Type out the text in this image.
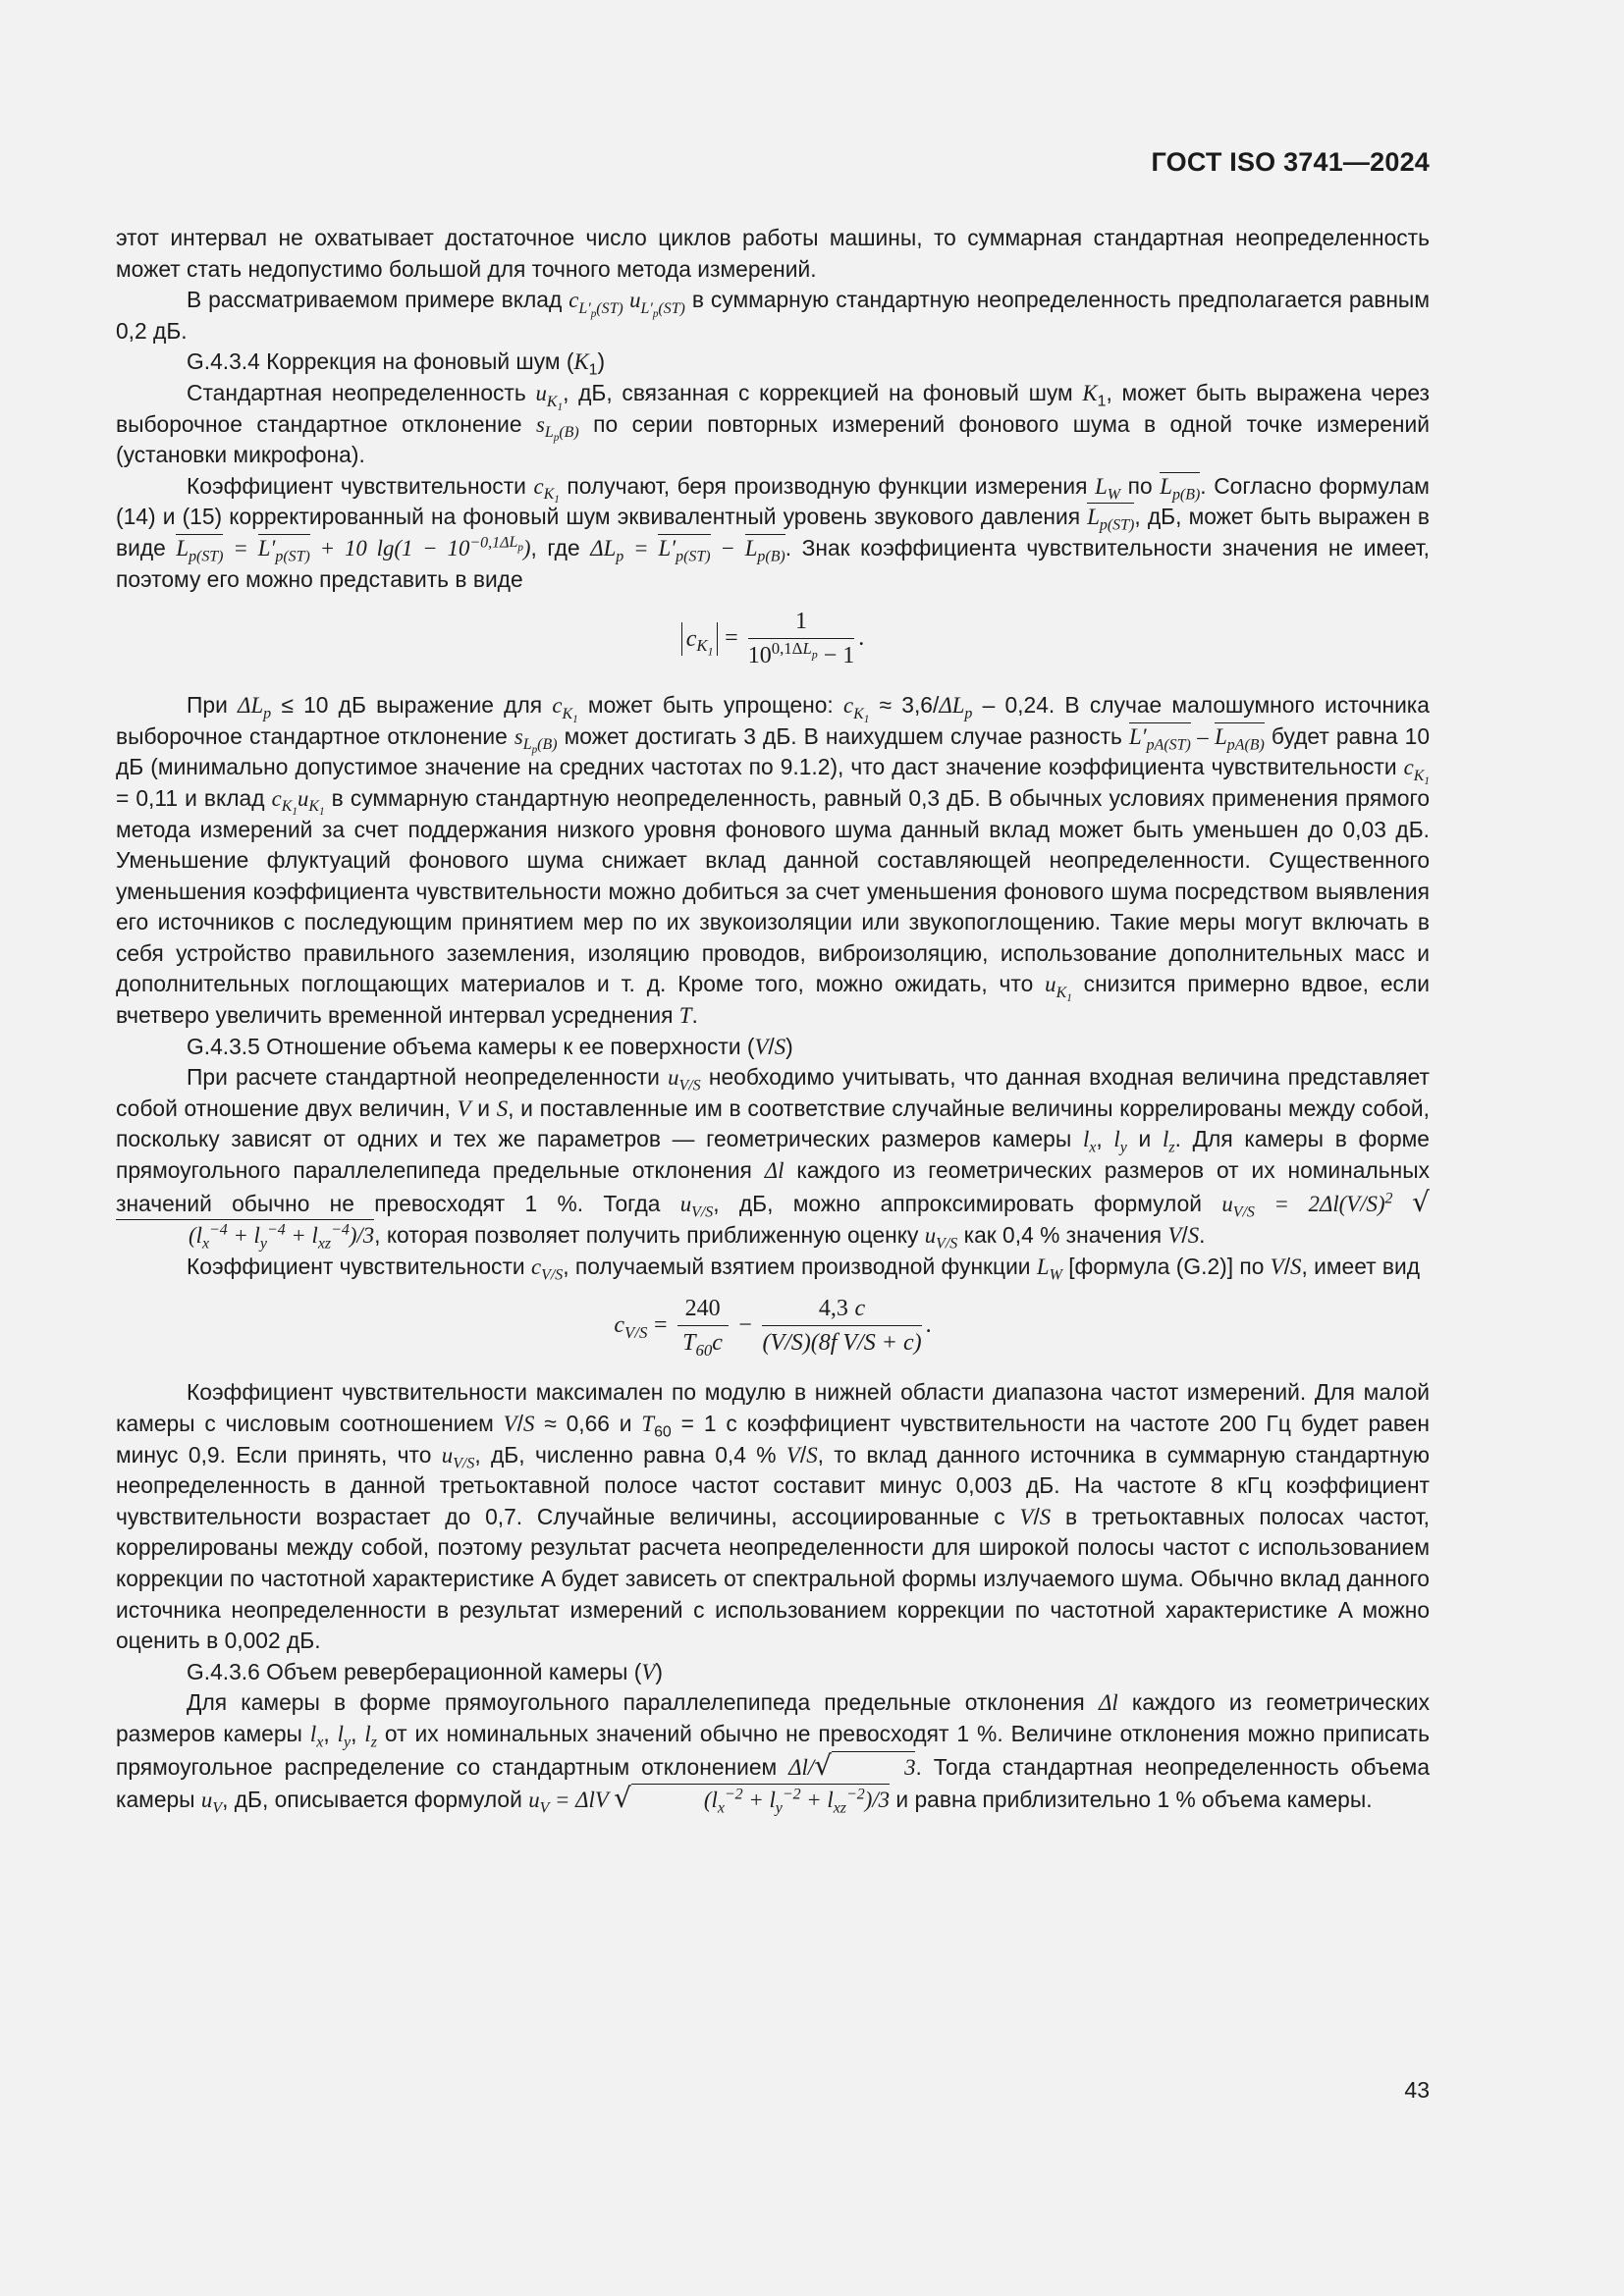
ГОСТ ISO 3741—2024

этот интервал не охватывает достаточное число циклов работы машины, то суммарная стандартная неопределенность может стать недопустимо большой для точного метода измерений.

В рассматриваемом примере вклад $c_{L'_p(ST)}$ $u_{L'_p(ST)}$ в суммарную стандартную неопределенность предполагается равным 0,2 дБ.

G.4.3.4 Коррекция на фоновый шум $(K_1)$

Стандартная неопределенность $u_{K_1}$, дБ, связанная с коррекцией на фоновый шум $K_1$, может быть выражена через выборочное стандартное отклонение $s_{L_p(B)}$ по серии повторных измерений фонового шума в одной точке измерений (установки микрофона).

Коэффициент чувствительности $c_{K_1}$ получают, беря производную функции измерения $L_W$ по $L_{p(B)}$. Согласно формулам (14) и (15) корректированный на фоновый шум эквивалентный уровень звукового давления $L_{p(ST)}$, дБ, может быть выражен в виде $L_{p(ST)} = L'_{p(ST)} + 10$ $\lg(1 - 10^{-0,1\Delta L_p})$, где $\Delta L_p = L'_{p(ST)} - L_{p(B)}$. Знак коэффициента чувствительности значения не имеет, поэтому его можно представить в виде

$c_{K_1} = \frac{1}{10^{0,1\Delta L_p} - 1}$ .

При $\Delta L_p \le 10$ дБ выражение для $c_{K_1}$ может быть упрощено: $c_{K_1} \approx 3,6/\Delta L_p - 0,24$. В случае малошумного источника выборочное стандартное отклонение $s_{L_p(B)}$ может достигать 3 дБ. В наихудшем случае разность $L'_{pA(ST)} - L_{pA(B)}$ будет равна 10 дБ (минимально допустимое значение на средних частотах по 9.1.2), что даст значение коэффициента чувствительности $c_{K_1} = 0,11$ и вклад $c_{K_1}u_{K_1}$ в суммарную стандартную неопределенность, равный 0,3 дБ. В обычных условиях применения прямого метода измерений за счет поддержания низкого уровня фонового шума данный вклад может быть уменьшен до 0,03 дБ. Уменьшение флуктуаций фонового шума снижает вклад данной составляющей неопределенности. Существенного уменьшения коэффициента чувствительности можно добиться за счет уменьшения фонового шума посредством выявления его источников с последующим принятием мер по их звукоизоляции или звукопоглощению. Такие меры могут включать в себя устройство правильного заземления, изоляцию проводов, виброизоляцию, использование дополнительных масс и дополнительных поглощающих материалов и т. д. Кроме того, можно ожидать, что $u_{K_1}$ снизится примерно вдвое, если вчетверо увеличить временной интервал усреднения T.

G.4.3.5 Отношение объема камеры к ее поверхности (V/S)

При расчете стандартной неопределенности $u_{V/S}$ необходимо учитывать, что данная входная величина представляет собой отношение двух величин, V и S, и поставленные им в соответствие случайные величины коррелированы между собой, поскольку зависят от одних и тех же параметров — геометрических размеров камеры $l_x$, $l_y$ и $l_z$. Для камеры в форме прямоугольного параллелепипеда предельные отклонения Δl каждого из геометрических размеров от их номинальных значений обычно не превосходят 1 %. Тогда $u_{V/S}$, дБ, можно аппроксимировать формулой $u_{V/S} = 2\Delta l(V/S)^2$ $√(l_x^{-4} + l_y^{-4} + l_{xz}^{-4})/3$, которая позволяет получить приближенную оценку $u_{V/S}$ как 0,4 % значения V/S.

Коэффициент чувствительности $c_{V/S}$, получаемый взятием производной функции $L_W$ [формула (G.2)] по V/S, имеет вид

$c_{V/S} = \frac{240}{T_{60}c} - \frac{4,3 c}{\text{(V/S)(8f V/S + c)}}$ .

Коэффициент чувствительности максимален по модулю в нижней области диапазона частот измерений. Для малой камеры с числовым соотношением V/S ≈ 0,66 и $T_{60} = 1$ с коэффициент чувствительности на частоте 200 Гц будет равен минус 0,9. Если принять, что $u_{V/S}$, дБ, численно равна 0,4 % V/S, то вклад данного источника в суммарную стандартную неопределенность в данной третьоктавной полосе частот составит минус 0,003 дБ. На частоте 8 кГц коэффициент чувствительности возрастает до 0,7. Случайные величины, ассоциированные с V/S в третьоктавных полосах частот, коррелированы между собой, поэтому результат расчета неопределенности для широкой полосы частот с использованием коррекции по частотной характеристике A будет зависеть от спектральной формы излучаемого шума. Обычно вклад данного источника неопределенности в результат измерений с использованием коррекции по частотной характеристике A можно оценить в 0,002 дБ.

G.4.3.6 Объем реверберационной камеры (V)

Для камеры в форме прямоугольного параллелепипеда предельные отклонения Δl каждого из геометрических размеров камеры $l_x$, $l_y$, $l_z$ от их номинальных значений обычно не превосходят 1 %. Величине отклонения можно приписать прямоугольное распределение со стандартным отклонением Δl/√	3. Тогда стандартная неопределенность объема камеры $u_V$, дБ, описывается формулой $u_V = \Delta lV$ √	$(l_x^{-2} + l_y^{-2} + l_{xz}^{-2})/3$ и равна приблизительно 1 % объема камеры.

43
